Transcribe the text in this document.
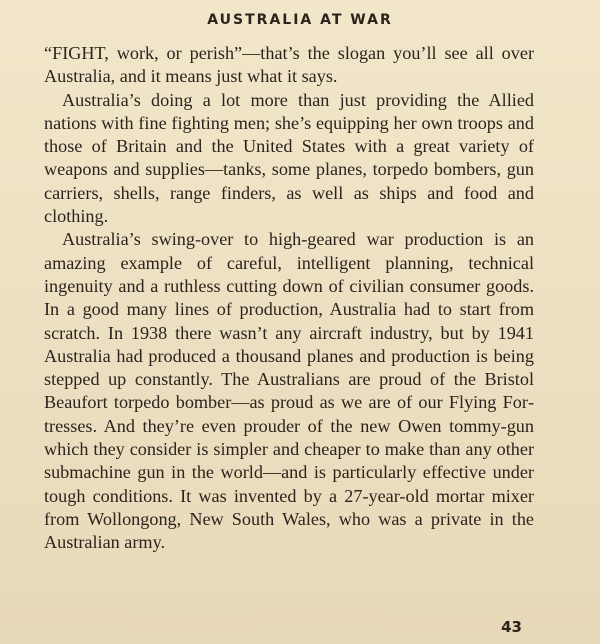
AUSTRALIA AT WAR

“FIGHT, work, or perish”—that’s the slogan you’ll see all over Australia, and it means just what it says.

Australia’s doing a lot more than just providing the Allied nations with fine fighting men; she’s equipping her own troops and those of Britain and the United States with a great variety of weapons and supplies—tanks, some planes, torpedo bombers, gun carriers, shells, range finders, as well as ships and food and clothing.

Australia’s swing-over to high-geared war production is an amazing example of careful, intelligent planning, technical ingenuity and a ruthless cutting down of civilian consumer goods. In a good many lines of production, Australia had to start from scratch. In 1938 there wasn’t any aircraft industry, but by 1941 Australia had produced a thousand planes and production is being stepped up constantly. The Australians are proud of the Bristol Beaufort torpedo bomber—as proud as we are of our Flying Fortresses. And they’re even prouder of the new Owen tommy-gun which they consider is simpler and cheaper to make than any other submachine gun in the world—and is particularly effective under tough conditions. It was invented by a 27-year-old mortar mixer from Wollongong, New South Wales, who was a private in the Australian army.

43
